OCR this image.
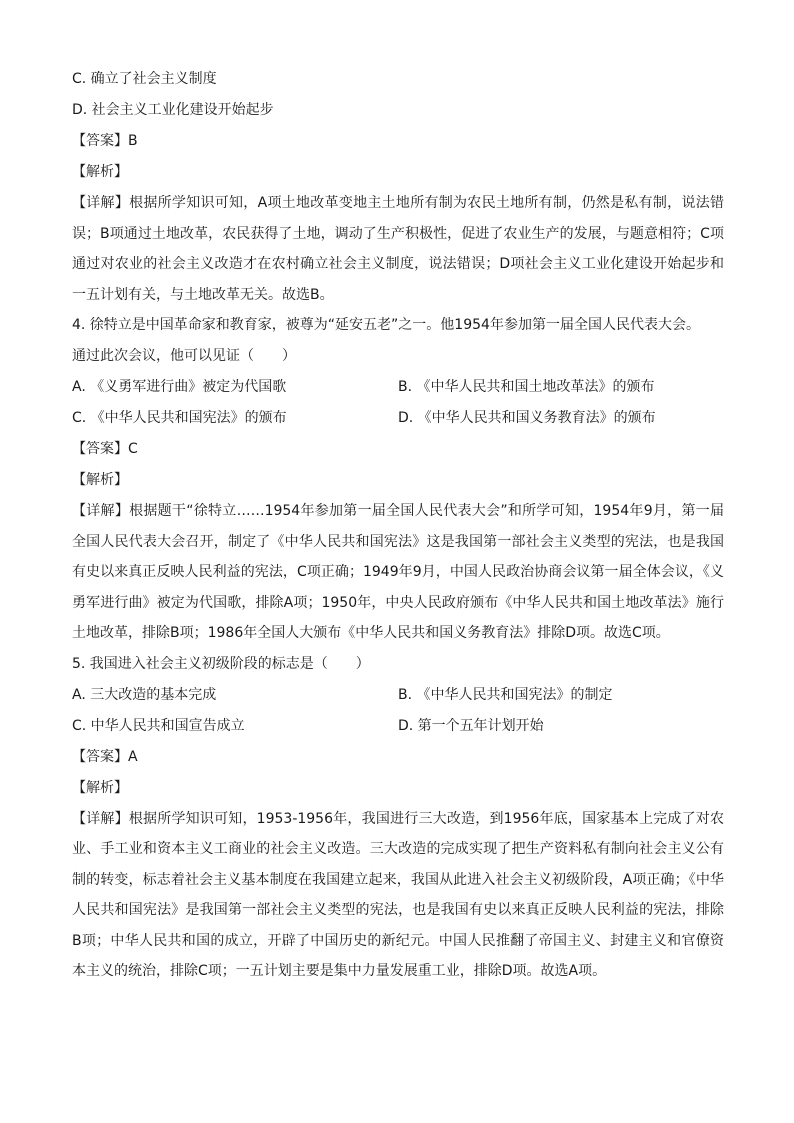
C. 确立了社会主义制度
D. 社会主义工业化建设开始起步
【答案】B
【解析】
【详解】根据所学知识可知，A项土地改革变地主土地所有制为农民土地所有制，仍然是私有制，说法错误；B项通过土地改革，农民获得了土地，调动了生产积极性，促进了农业生产的发展，与题意相符；C项通过对农业的社会主义改造才在农村确立社会主义制度，说法错误；D项社会主义工业化建设开始起步和一五计划有关，与土地改革无关。故选B。
4. 徐特立是中国革命家和教育家，被尊为“延安五老”之一。他1954年参加第一届全国人民代表大会。
通过此次会议，他可以见证（　　）
A. 《义勇军进行曲》被定为代国歌	B. 《中华人民共和国土地改革法》的颁布
C. 《中华人民共和国宪法》的颁布	D. 《中华人民共和国义务教育法》的颁布
【答案】C
【解析】
【详解】根据题干“徐特立……1954年参加第一届全国人民代表大会”和所学可知，1954年9月，第一届全国人民代表大会召开，制定了《中华人民共和国宪法》这是我国第一部社会主义类型的宪法，也是我国有史以来真正反映人民利益的宪法，C项正确；1949年9月，中国人民政治协商会议第一届全体会议，《义勇军进行曲》被定为代国歌，排除A项；1950年，中央人民政府颁布《中华人民共和国土地改革法》施行土地改革，排除B项；1986年全国人大颁布《中华人民共和国义务教育法》排除D项。故选C项。
5. 我国进入社会主义初级阶段的标志是（　　）
A. 三大改造的基本完成	B. 《中华人民共和国宪法》的制定
C. 中华人民共和国宣告成立	D. 第一个五年计划开始
【答案】A
【解析】
【详解】根据所学知识可知，1953-1956年，我国进行三大改造，到1956年底，国家基本上完成了对农业、手工业和资本主义工商业的社会主义改造。三大改造的完成实现了把生产资料私有制向社会主义公有制的转变，标志着社会主义基本制度在我国建立起来，我国从此进入社会主义初级阶段，A项正确；《中华人民共和国宪法》是我国第一部社会主义类型的宪法，也是我国有史以来真正反映人民利益的宪法，排除B项；中华人民共和国的成立，开辟了中国历史的新纪元。中国人民推翻了帝国主义、封建主义和官僚资本主义的统治，排除C项；一五计划主要是集中力量发展重工业，排除D项。故选A项。
